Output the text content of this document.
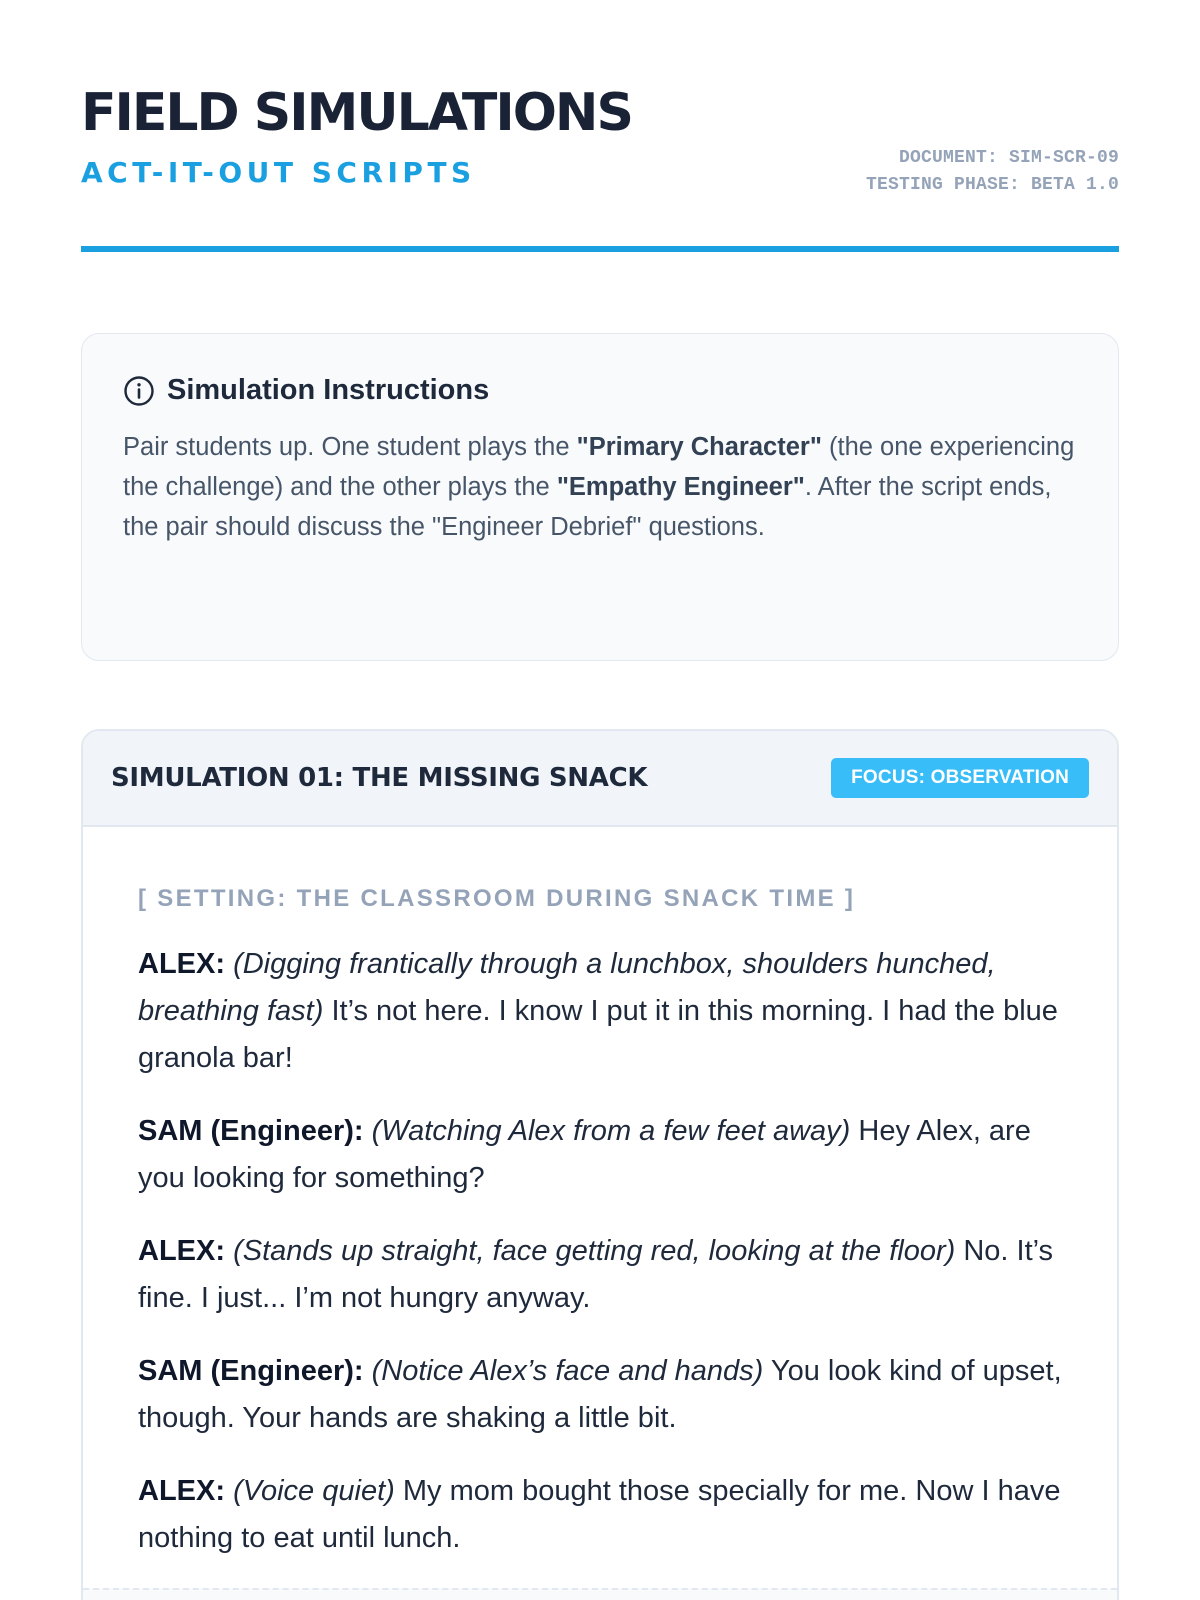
FIELD SIMULATIONS
ACT-IT-OUT SCRIPTS	DOCUMENT: SIM-SCR-09
TESTING PHASE: BETA 1.0
Simulation Instructions

Pair students up. One student plays the "Primary Character" (the one experiencing the challenge) and the other plays the "Empathy Engineer". After the script ends, the pair should discuss the "Engineer Debrief" questions.

SIMULATION 01: THE MISSING SNACK	FOCUS: OBSERVATION
[ SETTING: THE CLASSROOM DURING SNACK TIME ]

ALEX: (Digging frantically through a lunchbox, shoulders hunched, breathing fast) It’s not here. I know I put it in this morning. I had the blue granola bar!

SAM (Engineer): (Watching Alex from a few feet away) Hey Alex, are you looking for something?

ALEX: (Stands up straight, face getting red, looking at the floor) No. It’s fine. I just... I’m not hungry anyway.

SAM (Engineer): (Notice Alex’s face and hands) You look kind of upset, though. Your hands are shaking a little bit.

ALEX: (Voice quiet) My mom bought those specially for me. Now I have nothing to eat until lunch.
